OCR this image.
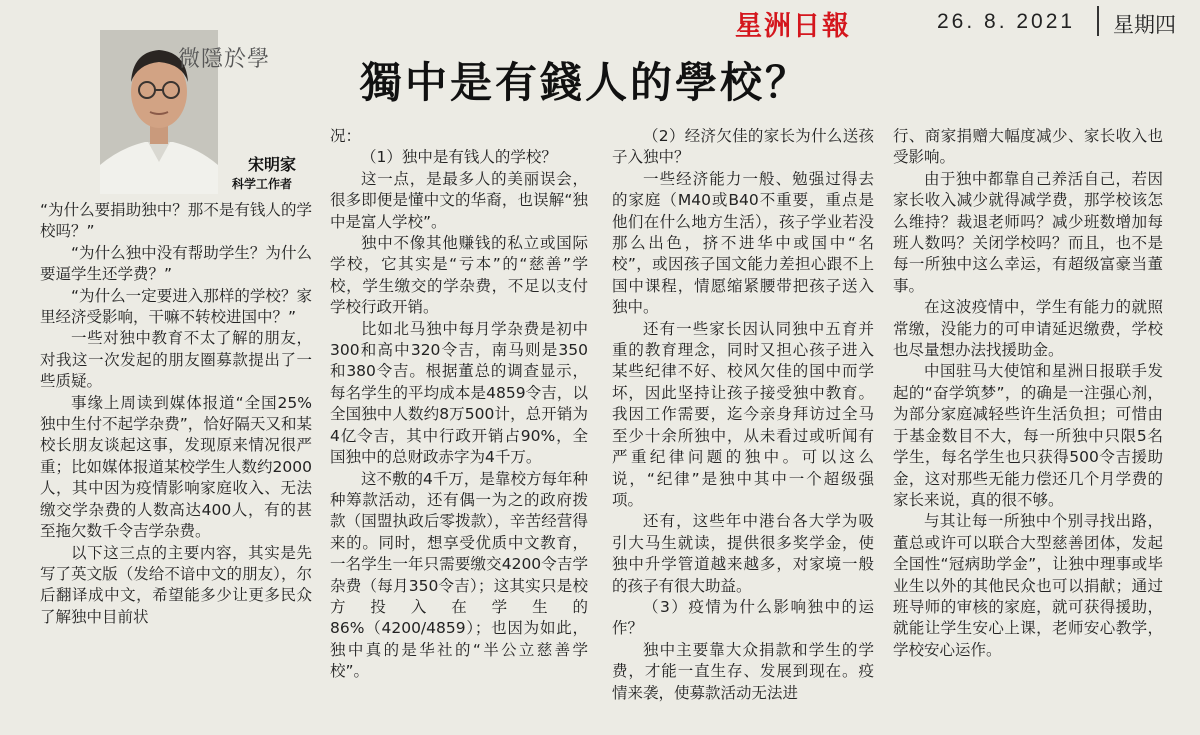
星洲日報	26. 8. 2021 星期四
微隱於學
宋明家
科学工作者
獨中是有錢人的學校？

“为什么要捐助独中？那不是有钱人的学校吗？”

“为什么独中没有帮助学生？为什么要逼学生还学费？”

“为什么一定要进入那样的学校？家里经济受影响，干嘛不转校进国中？”

一些对独中教育不太了解的朋友，对我这一次发起的朋友圈募款提出了一些质疑。

事缘上周读到媒体报道“全国25%独中生付不起学杂费”，恰好隔天又和某校长朋友谈起这事，发现原来情况很严重；比如媒体报道某校学生人数约2000人，其中因为疫情影响家庭收入、无法缴交学杂费的人数高达400人，有的甚至拖欠数千令吉学杂费。

以下这三点的主要内容，其实是先写了英文版（发给不谙中文的朋友），尔后翻译成中文，希望能多少让更多民众了解独中目前状

况：

（1）独中是有钱人的学校？

这一点，是最多人的美丽误会，很多即便是懂中文的华裔，也误解“独中是富人学校”。

独中不像其他赚钱的私立或国际学校，它其实是“亏本”的“慈善”学校，学生缴交的学杂费，不足以支付学校行政开销。

比如北马独中每月学杂费是初中300和高中320令吉，南马则是350和380令吉。根据董总的调查显示，每名学生的平均成本是4859令吉，以全国独中人数约8万500计，总开销为4亿令吉，其中行政开销占90%，全国独中的总财政赤字为4千万。

这不敷的4千万，是靠校方每年种种筹款活动，还有偶一为之的政府拨款（国盟执政后零拨款），辛苦经营得来的。同时，想享受优质中文教育，一名学生一年只需要缴交4200令吉学杂费（每月350令吉）；这其实只是校方投入在学生的86%（4200/4859）；也因为如此，独中真的是华社的“半公立慈善学校”。

（2）经济欠佳的家长为什么送孩子入独中？

一些经济能力一般、勉强过得去的家庭（M40或B40不重要，重点是他们在什么地方生活），孩子学业若没那么出色，挤不进华中或国中“名校”，或因孩子国文能力差担心跟不上国中课程，情愿缩紧腰带把孩子送入独中。

还有一些家长因认同独中五育并重的教育理念，同时又担心孩子进入某些纪律不好、校风欠佳的国中而学坏，因此坚持让孩子接受独中教育。我因工作需要，迄今亲身拜访过全马至少十余所独中，从未看过或听闻有严重纪律问题的独中。可以这么说，“纪律”是独中其中一个超级强项。

还有，这些年中港台各大学为吸引大马生就读，提供很多奖学金，使独中升学管道越来越多，对家境一般的孩子有很大助益。

（3）疫情为什么影响独中的运作？

独中主要靠大众捐款和学生的学费，才能一直生存、发展到现在。疫情来袭，使募款活动无法进

行、商家捐赠大幅度减少、家长收入也受影响。

由于独中都靠自己养活自己，若因家长收入减少就得减学费，那学校该怎么维持？裁退老师吗？减少班数增加每班人数吗？关闭学校吗？而且，也不是每一所独中这么幸运，有超级富豪当董事。

在这波疫情中，学生有能力的就照常缴，没能力的可申请延迟缴费，学校也尽量想办法找援助金。

中国驻马大使馆和星洲日报联手发起的“奋学筑梦”，的确是一注强心剂，为部分家庭减轻些许生活负担；可惜由于基金数目不大，每一所独中只限5名学生，每名学生也只获得500令吉援助金，这对那些无能力偿还几个月学费的家长来说，真的很不够。

与其让每一所独中个别寻找出路，董总或许可以联合大型慈善团体，发起全国性“冠病助学金”，让独中理事或毕业生以外的其他民众也可以捐献；通过班导师的审核的家庭，就可获得援助，就能让学生安心上课，老师安心教学，学校安心运作。
